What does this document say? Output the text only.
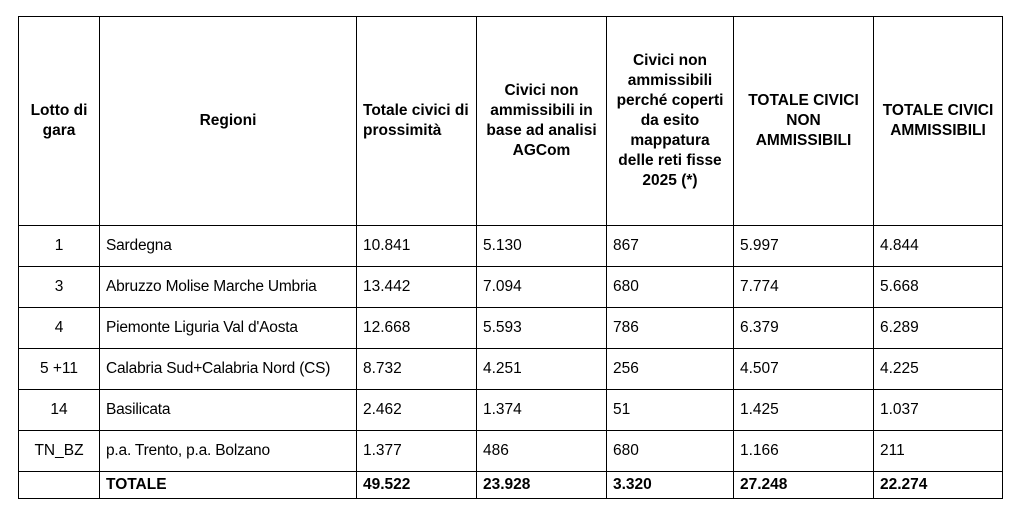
Lotto di gara	Regioni	Totale civici di prossimità	Civici non ammissibili in base ad analisi AGCom	Civici non ammissibili perché coperti da esito mappatura delle reti fisse 2025 (*)	TOTALE CIVICI NON AMMISSIBILI	TOTALE CIVICI AMMISSIBILI

1	Sardegna	10.841	5.130	867	5.997	4.844
3	Abruzzo Molise Marche Umbria	13.442	7.094	680	7.774	5.668
4	Piemonte Liguria Val d'Aosta	12.668	5.593	786	6.379	6.289
5 +11	Calabria Sud+Calabria Nord (CS)	8.732	4.251	256	4.507	4.225
14	Basilicata	2.462	1.374	51	1.425	1.037
TN_BZ	p.a. Trento, p.a. Bolzano	1.377	486	680	1.166	211
	TOTALE	49.522	23.928	3.320	27.248	22.274
